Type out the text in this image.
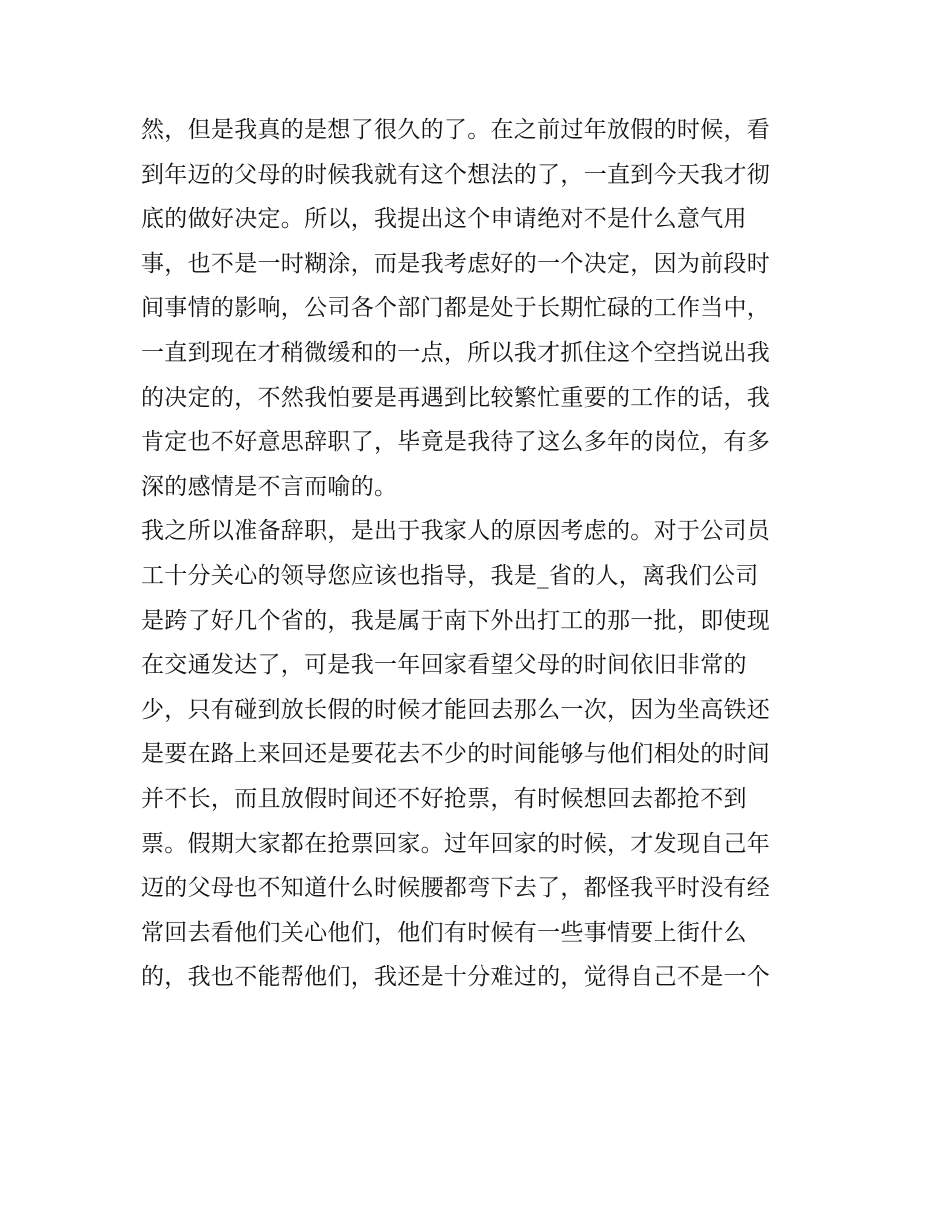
然，但是我真的是想了很久的了。在之前过年放假的时候，看
到年迈的父母的时候我就有这个想法的了，一直到今天我才彻
底的做好决定。所以，我提出这个申请绝对不是什么意气用
事，也不是一时糊涂，而是我考虑好的一个决定，因为前段时
间事情的影响，公司各个部门都是处于长期忙碌的工作当中，
一直到现在才稍微缓和的一点，所以我才抓住这个空挡说出我
的决定的，不然我怕要是再遇到比较繁忙重要的工作的话，我
肯定也不好意思辞职了，毕竟是我待了这么多年的岗位，有多
深的感情是不言而喻的。
我之所以准备辞职，是出于我家人的原因考虑的。对于公司员
工十分关心的领导您应该也指导，我是_省的人，离我们公司
是跨了好几个省的，我是属于南下外出打工的那一批，即使现
在交通发达了，可是我一年回家看望父母的时间依旧非常的
少，只有碰到放长假的时候才能回去那么一次，因为坐高铁还
是要在路上来回还是要花去不少的时间能够与他们相处的时间
并不长，而且放假时间还不好抢票，有时候想回去都抢不到
票。假期大家都在抢票回家。过年回家的时候，才发现自己年
迈的父母也不知道什么时候腰都弯下去了，都怪我平时没有经
常回去看他们关心他们，他们有时候有一些事情要上街什么
的，我也不能帮他们，我还是十分难过的，觉得自己不是一个
